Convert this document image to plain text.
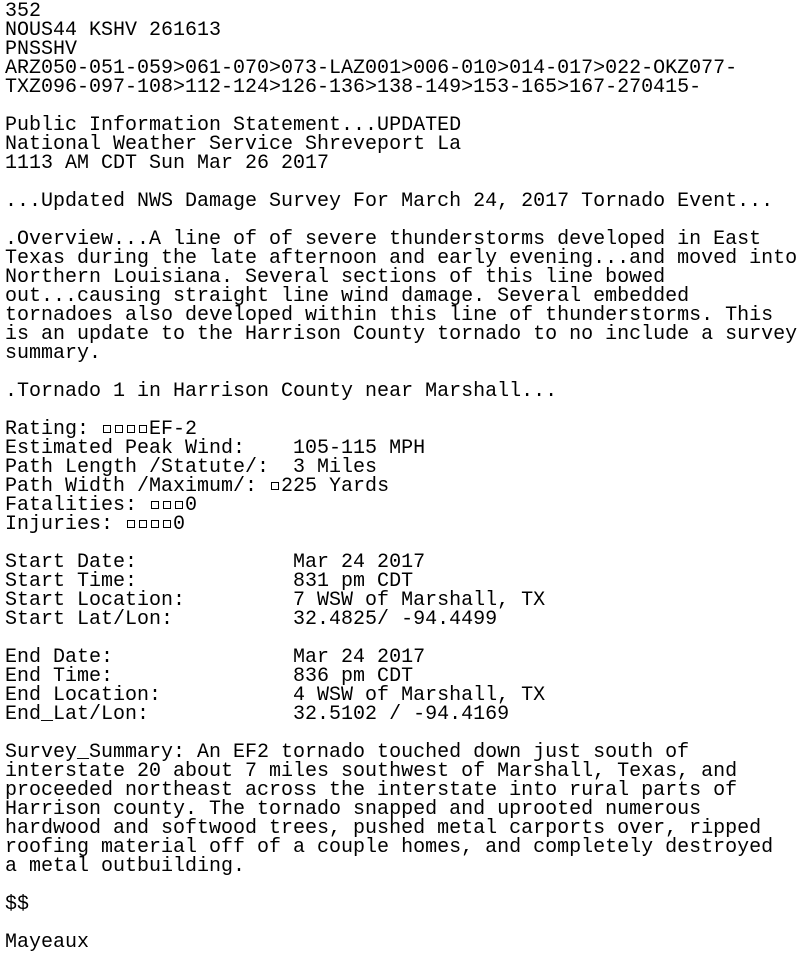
352
NOUS44 KSHV 261613
PNSSHV
ARZ050-051-059>061-070>073-LAZ001>006-010>014-017>022-OKZ077-
TXZ096-097-108>112-124>126-136>138-149>153-165>167-270415-
Public Information Statement...UPDATED
National Weather Service Shreveport La
1113 AM CDT Sun Mar 26 2017
...Updated NWS Damage Survey For March 24, 2017 Tornado Event...
.Overview...A line of of severe thunderstorms developed in East
Texas during the late afternoon and early evening...and moved into
Northern Louisiana. Several sections of this line bowed
out...causing straight line wind damage. Several embedded
tornadoes also developed within this line of thunderstorms. This
is an update to the Harrison County tornado to no include a survey
summary.
.Tornado 1 in Harrison County near Marshall...
Rating: EF-2
Estimated Peak Wind:    105-115 MPH
Path Length /Statute/:  3 Miles
Path Width /Maximum/: 225 Yards
Fatalities: 0
Injuries: 0
Start Date:             Mar 24 2017
Start Time:             831 pm CDT
Start Location:         7 WSW of Marshall, TX
Start Lat/Lon:          32.4825/ -94.4499
End Date:               Mar 24 2017
End Time:               836 pm CDT
End Location:           4 WSW of Marshall, TX
End_Lat/Lon:            32.5102 / -94.4169
Survey_Summary: An EF2 tornado touched down just south of
interstate 20 about 7 miles southwest of Marshall, Texas, and
proceeded northeast across the interstate into rural parts of
Harrison county. The tornado snapped and uprooted numerous
hardwood and softwood trees, pushed metal carports over, ripped
roofing material off of a couple homes, and completely destroyed
a metal outbuilding.
$$
Mayeaux
